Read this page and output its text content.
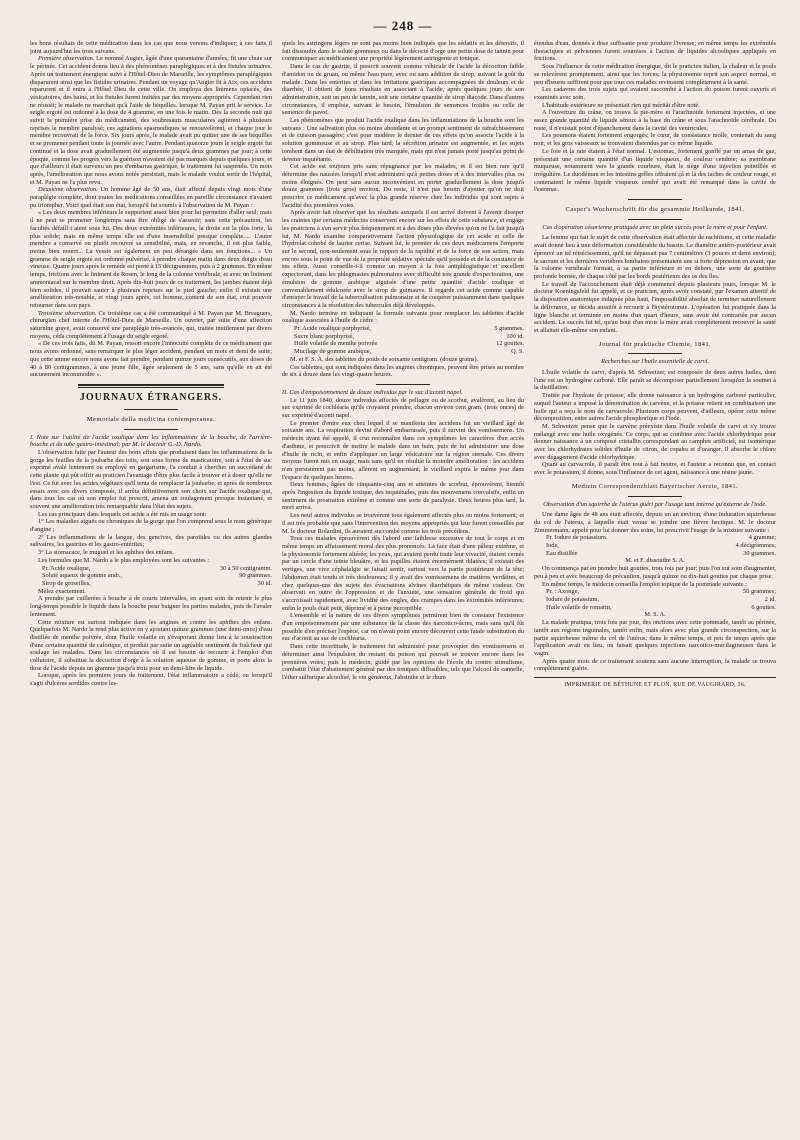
— 248 —

les bons résultats de cette médication dans les cas que nous venons d'indiquer; à ces faits il joint aujourd'hui les trois suivans.

Première observation. Le nommé Augier, âgée d'une quarantaine d'années, fit une chute sur le périnée. Cet accident donna lieu à des phénomènes paraplégiques et à des fistules urinaires. Après un traitement énergique suivi à l'Hôtel-Dieu de Marseille, les symptômes paraplégiques disparurent ainsi que les fistules urinaires. Pendant un voyage qu'Augier fit à Aix, ces accidens reparurent et il entra à l'Hôtel Dieu de cette ville. On employa des linimens opiacés, des vésicatoires, des bains, et les fistules furent traitées par des moyens appropriés. Cependant rien ne réussit; le malade ne marchait qu'à l'aide de béquilles. lorsque M. Payan prit le service. Le seigle ergoté est ordonné à la dose de 4 gramme, en une fois le matin. Dès la seconde nuit qui suivit la première prise du médicament, des soubresauts musculaires agitèrent à plusieurs reprises le membre paralysé; ces agitations spasmodiques se renouvelèrent, et chaque jour le membre recouvrait de la force. Six jours après, le malade avait pu quitter une de ses béquilles et se promener pendant toute la journée avec l'autre. Pendant quatorze jours le seigle ergoté fut continué et la dose avait graduellement été augmentée jusqu'à deux grammes par jour; à cette époque, comme les progrès vers la guérison n'avaient été pas marqués depuis quelques jours, et que d'ailleurs il était survenu un peu d'embarras gastrique, le traitement fut suspendu. Un mois après, l'amélioration que nous avons notée persistait, mais le malade voulut sortir de l'hôpital, et M. Payan ne l'a plus revu.

Deuxième observation. Un homme âgé de 50 ans, était affecté depuis vingt mois d'une paraplégie complète, dont toutes les médications conseillées en pareille circonstance n'avaient pu triompher. Voici quel était son état, lorsqu'il fut soumis à l'observation de M. Payan :

« Les deux membres inférieurs le supportent assez bien pour lui permettre d'aller seul; mais il ne peut se promener longtemps sans être obligé de s'asseoir; sans cette précaution, les facultés défaill·i aient sous lui. Des deux extrémités inférieures, la droite est la plus forte, la plus solide; mais en même temps elle est d'une insensibilité presque complète..... L'autre membre a conservé ou plutôt recouvré sa sensibilité, mais, en revanche, il est plus faible, moins bien nourri... La vessie est également un peu dérangée dans ses fonctions... » Un gramme de seigle ergoté est ordonné pulvérisé, à prendre chaque matin dans deux doigts d'eau vineuse. Quatre jours après le remède est porté à 15 décigrammes, puis à 2 grammes. En même temps, frictions avec le liniment de Rosen, le long de la colonne vertébrale, et avec un liniment ammoniacal sur le membre droit. Après dix-huit jours de ce traitement, les jambes étaient déjà bien solides, il pouvait sauter à plusieurs reprises sur le pied gauche; enfin il existait une amélioration très-notable, et vingt jours après, cet homme, content de son état, crut pouvoir retourner dans son pays.

Troisième observation. Ce troisième cas a été communiqué à M. Payan par M. Breaguers, chirurgien chef interne de l'Hôtel-Dieu de Marseille. Un ouvrier, par suite d'une affection saturnine grave, avait conservé une paraplégie très-avancée, qui, traitée inutilement par divers moyens, céda complètement à l'usage du seigle ergoté.

« De ces trois faits, dit M. Payan, ressort encore l'innocuité complète de ce médicament que nous avons ordonné, sans remarquer le plus léger accident, pendant un mois et demi de suite; que cette amme encore nous avons fait prendre, pendant quinze jours consécutifs, aux doses de 40 à 80 centigrammes, à une jeune fille, âgée seulement de 5 ans, sans qu'elle en ait été aucunement incommodée ».

JOURNAUX ÉTRANGERS.
Memoriale della medicina contemporanea.

I. Note sur l'utilité de l'acide oxalique dans les inflammations de la bouche, de l'arrière-bouche et du tube gastro-intestinal; par M. le docteur G.-D. Nardo.

L'observation faite par l'auteur des bons effets que produisent dans les inflammations de la gorge les feuilles de la joubarbe des toits, soit sous forme de masticatoire, soit à l'état de suc exprimé avalé lentement ou employé en gargarisme, l'a conduit à chercher un succédané de cette plante qui pût offrir au praticien l'avantage d'être plus facile à trouver et à doser qu'elle ne l'est. Ce fut avec les acides végétaux qu'il tenta de remplacer la joubarbe, et après de nombreux essais avec ces divers composés, il arrêta définitivement son choix sur l'acide oxalique qui, dans tous les cas où son emploi fut prescrit, amena un soulagement presque instantané, et souvent une amélioration très remarquable dans l'état des sujets.

Les cas principaux dans lesquels cet acide a été mis en usage sont:

1° Les maladies aiguës ou chroniques de la gorge que l'on comprend sous le nom générique d'angine ;

2° Les inflammations de la langue, des gencives, des parotides ou des autres glandes salivaires, les gastrites et les gastro-entérites;

3° La stomacace, le muguet et les aphthes des enfans.

Les formules que M. Nardo a le plus employées sont les suivantes :

Pr. Acide oxalique,	30 à 50 centigramm.
Soluté aqueux de gomme arab.,	90 grammes.
Sirop de groseilles,	30 id.

Mêlez exactement.

A prendre par cuillerées à bouche à de courts intervalles, en ayant soin de retenir le plus long-temps possible le liquide dans la bouche pour baigner les parties malades, puis de l'avaler lentement.

Cette mixture est surtout indiquée dans les angines et contre les aphthes des enfans. Quelquefois M. Nardo la rend plus active en y ajoutant quinze grammes (une demi-once) d'eau distillée de menthe poivrée, dont l'huile volatile en s'évaporant donne lieu à la soustraction d'une certaine quantité de calorique, et produit par suite un agréable sentiment de fraîcheur qui soulage les malades. Dans les circonstances où il est besoin de recourir à l'emploi d'un collutoire, il substitue la décoction d'orge à la solution aqueuse de gomme, et porte alors la dose de l'acide depuis un gramme jusqu'à trois pour un demi-litre de liquide.

Lorsque, après les premiers jours de traitement, l'état inflammatoire a cédé, ou lorsqu'il s'agit d'ulcères sordides contre les-

quels les astringens légers ne sont pas moins bien indiqués que les sédatifs et les détersifs, il fait dissoudre dans le soluté gommeux ou dans le décocté d'orge une petite dose de tannin pour communiquer au médicament une propriété légèrement astringente et tonique.

Dans le cas de gastrite, il prescrit souvent comme véhicule de l'acide la décoction faible d'amidon ou de gruau, ou même l'eau pure, avec ou sans addition de sirop, suivant le goût du malade. Dans les entérites et dans les irritations gastriques accompagnées de douleurs et de diarrhée, il obtient de bons résultats en associant à l'acide, après quelques jours de son administration, soit un peu de tannin, soit une certaine quantité de sirop diacode. Dans d'autres circonstances, il emploie, suivant le besoin, l'émulsion de semences froides ou celle de semence de pavot.

Les phénomènes que produit l'acide oxalique dans les inflammations de la bouche sont les suivans : Une salivation plus ou moins abondante et un prompt sentiment de rafraîchissement et de cuisson passagère; c'est pour modérer le dernier de ces effets qu'on associe l'acide à la solution gommeuse et au sirop. Plus tard, la sécrétion urinaire est augmentée, et les sujets tombent dans un état de débilitation très marquée, mais qui n'est jamais porté jusqu'au point de devenir inquiétante.

Cet acide est toujours pris sans répugnance par les malades, et il est bien rare qu'il détermine des nausées lorsqu'il n'est administré qu'à petites doses et à des intervalles plus ou moins éloignés. On peut sans aucun inconvénient en porter graduellement la dose jusqu'à douze grammes (trois gros) environ. Du reste, il n'est pas besoin d'ajouter qu'on ne doit prescrire ce médicament qu'avec la plus grande réserve chez les individus qui sont sujets à l'acidité des premières voies.

Après avoir fait observer que les résultats auxquels il est arrivé doivent à l'avenir dissiper les craintes que certains médecins conservent encore sur les effets de cette substance, et engage les praticiens à s'en servir plus fréquemment et à des doses plus élevées qu'on ne l'a fait jusqu'à lui, M. Nardo examine comparativement l'action physiologique de cet acide et celle de l'hydrolat cohobé de laurier cerise. Suivant lui, le premier de ces deux médicamens l'emporte sur le second, non-seulement sous le rapport de la rapidité et de la force de son action, mais encore sous le point de vue de la propriété sédative spéciale qu'il possède et de la constance de ses effets. Aussi conseille-t-il comme un moyen à la fois antiphlogistique et excellent expectorant, dans les phlegmasies pulmonaires avec difficulté très grande d'expectoration, une émulsion de gomme arabique aiguisée d'une petite quantité d'acide oxalique et convenablement édulcorée avec le sirop de guimauve. Il regarde cet acide comme capable d'enrayer le travail de la tuberculisation pulmonaire et de coopérer puissamment dans quelques circonstances à la résolution des tubercules déjà développés.

M. Nardo termine en indiquant la formule suivante pour remplacer les tablettes d'acide oxalique associées à l'huile de cèdre :

Pr. Acide oxalique porphyrisé,	5 grammes.
Sucre blanc porphyrisé,	100 id.
Huile volatile de menthe poivrée	12 gouttes.
Mucilage de gomme arabique,	Q. S.

M. et F. S. A. des tablettes du poids de soixante centigram. (douze grains).

Ces tablettes, qui sont indiquées dans les angines chroniques, peuvent être prises au nombre de six à douze dans les vingt-quatre heures.

II. Cas d'empoisonnement de douze individus par le suc d'aconit napel.

Le 11 juin 1840, douze individus affectés de pellagre ou de scorbut, avalèrent, au lieu du suc exprimé de cochléaria qu'ils croyaient prendre, chacun environ cent gram. (trois onces) de suc exprimé d'aconit napel.

Le premier d'entre eux chez lequel il se manifesta des accidens fut un vieillard âgé de soixante ans. La respiration devint d'abord embarrassée, puis il survint des vomissemens. Un médecin ayant été appelé, il crut reconnaître dans ces symptômes les caractères d'un accès d'asthme, et prescrivit de mettre le malade dans un bain, puis de lui administrer une dose d'huile de ricin, et enfin d'appliquer un large vésicatoire sur la région sternale. Ces divers moyens furent mis en usage, mais sans qu'il en résultât la moindre amélioration : les accidens n'en persistèrent pas moins, allèrent en augmentant; le vieillard expira le même jour dans l'espace de quelques heures.

Deux femmes, âgées de cinquante-cinq ans et atteintes de scorbut, éprouvèrent, bientôt après l'ingestion du liquide toxique, des inquiétudes, puis des mouvemens convulsifs, enfin un sentiment de prostration extrême et comme une sorte de paralysie. Deux heures plus tard, la mort arriva.

Les neuf autres individus se trouvèrent tous également affectés plus ou moins fortement; et il est très probable que sans l'intervention des moyens appropriés qui leur furent conseillés par M. le docteur Rolardini, ils auraient succombé comme les trois précédens.

Tous ces malades éprouvèrent dès l'abord une faiblesse excessive de tout le corps et en même temps un affaissement moral des plus prononcés. La face était d'une pâleur extrême, et la physionomie fortement altérée; les yeux, qui avaient perdu toute leur vivacité, étaient cernés par un cercle d'une teinte bleuâtre, et les pupilles étaient énormément dilatées; il existait des vertiges, une vive céphalalgie se faisait sentir, surtout vers la partie postérieure de la tête; l'abdomen était tendu et très douloureux; il y avait des vomissemens de matières verdâtres, et chez quelques-uns des sujets des évacuations alvines diarrhéiques de même couleur. On observait en outre de l'oppression et de l'anxiété, une sensation générale de froid qui s'accroissait rapidement, avec lividité des ongles, des crampes dans les extrémités inférieures; enfin le pouls était petit, déprimé et à peine perceptible.

L'ensemble et la nature de ces divers symptômes permirent bien de constater l'existence d'un empoisonnement par une substance de la classe des narcotico-âcres, mais sans qu'il fût possible d'en préciser l'espèce, car on n'avait point encore découvert cette fatale substitution du suc d'aconit au suc de cochléaria.

Dans cette incertitude, le traitement fut administré pour provoquer des vomissemens et déterminer ainsi l'expulsion du restant du poison qui pouvait se trouver encore dans les premières voies; puis le médecin, guidé par les opinions de l'école du contro stimulisme, combattit l'état d'abattement général par des toniques diffusibles, tels que l'alcool de cannelle, l'éther sulfurique alcoolisé, le vin généreux, l'absinthe et le rhum

étendus d'eau, donnés à dose suffisante pour produire l'ivresse; en même temps les extrémités thoraciques et pelviennes furent soumises à l'action de liquides alcooliques appliqués en frictions.

Sous l'influence de cette médication énergique, dit le praticien italien, la chaleur et le pouls se relevèrent promptement, ainsi que les forces; la physionomie reprit son aspect normal, et peu d'heures suffirent pour que tous ces malades revinssent complètement à la santé.

Les cadavres des trois sujets qui avaient succombé à l'action du poison furent ouverts et examinés avec soin.

L'habitude extérieure ne présentait rien qui méritât d'être noté.

A l'ouverture du crâne, on trouva la pie-mère et l'arachnoïde fortement injectées, et une assez grande quantité de liquide séreux à la base du crâne et sous l'arachnoïde cérébrale. Du reste, il n'existait point d'épanchement dans la cavité des ventricules.

Les poumons étaient fortement engorgés; le cœur, de consistance molle, contenait du sang noir, et les gros vaisseaux se trouvaient distendus par ce même liquide.

Le foie et la rate étaient à l'état normal. L'estomac, fortement gonflé par un amas de gaz, présentait une certaine quantité d'un liquide visqueux, de couleur cendrée; sa membrane muqueuse, notamment vers la grande courbure, était le siège d'une injection pointillée et irrégulière. Le duodénum et les intestins grêles offraient çà et là des taches de couleur rouge, et contenaient le même liquide visqueux cendré qui avait été remarqué dans la cavité de l'estomac.

Casper's Wochenschrift für die gesammte Heilkunde, 1841.
Cas d'opération césarienne pratiquée avec un plein succès pour la mère et pour l'enfant.

La femme qui fait le sujet de cette observation était affectée de rachitisme, et cette maladie avait donné lieu à une déformation considérable du bassin. Le diamètre antéro-postérieur avait éprouvé un tel rétrécissement, qu'il ne dépassait pas 7 centimètres (3 pouces et demi environ); le sacrum et les dernières vertèbres lombaires présentaient une si forte dépression en avant, que la colonne vertébrale formait, à sa partie inférieure et en dehors, une sorte de gouttière profonde bornée, de chaque côté par les bords postérieurs des os des îles.

Le travail de l'accouchement était déjà commencé depuis plusieurs jours, lorsque M. le docteur Koeningsfeld fut appelé, et ce praticien, après avoir constaté, par l'examen attentif de la disposition anatomique indiquée plus haut, l'impossibilité absolue de terminer naturellement la délivrance, se décida aussitôt à recourir à l'hystérotomie. L'opération fut pratiquée dans la ligne blanche et terminée en moins d'un quart d'heure, sans avoir été contrariée par aucun accident. Le succès fut tel, qu'au bout d'un mois la mère avait complètement recouvré la santé et allaitait elle-même son enfant.

Journal für praktische Chemie, 1841.
Recherches sur l'huile essentielle de carvi.

L'huile volatile de carvi, d'après M. Schweizer, est composée de deux autres huiles, dont l'une est un hydrogène carboné. Elle paraît se décomposer partiellement lorsqu'on la soumet à la distillation.

Traitée par l'hydrate de potasse, elle donne naissance à un hydrogène carboné particulier, auquel l'auteur a imposé la dénomination de carvène, et la potasse retient en combinaison une huile qui a reçu le nom de carvacrole. Plusieurs corps peuvent, d'ailleurs, opérer cette même décomposition, entre autres l'acide phosphorique et l'iode.

M. Schweizer pense que le carvène préexiste dans l'huile volatile de carvi et s'y trouve mélangé avec une huile oxygénée. Ce corps, qui se combine avec l'acide chlorhydrique pour donner naissance à un composé cristallin correspondant au camphre artificiel, est isomérique avec les chlorhydrates solides d'huile de citron, de copahu et d'oranger. Il absorbe le chlore avec dégagement d'acide chlorhydrique.

Quant au carvacrole, il paraît être tout à fait neutre, et l'auteur a reconnu que, en contact avec le potassium, il donne, sous l'influence de cet agent, naissance à une résine jaune.

Medizin Correspondenzblatt Bayerischer Aerzte, 1841.
Observation d'un squirrhe de l'utérus guéri par l'usage tant interne qu'externe de l'iode.

Une dame âgée de 48 ans était affectée, depuis un an environ, d'une induration squirrheuse du col de l'utérus, à laquelle était venue se joindre une fièvre hectique. M. le docteur Zimmermann, appelé pour lui donner des soins, lui prescrivit l'usage de la mixture suivante :

Pr. Iodure de potassium.	4 gramme;
Iode,	4 décigrammes;
Eau distillée	30 grammes.

M. et F. dissoudre S. A.

On commença par en prendre huit gouttes, trois fois par jour; puis l'on eut soin d'augmenter, peu à peu et avec beaucoup de précaution, jusqu'à quinze ou dix-huit gouttes par chaque prise.

En même temps, le médecin conseilla l'emploi topique de la pommade suivante :

Pr. : Axonge,	50 grammes;
Iodure de potassium,	2 id.
Huile volatile de romarin,	6 gouttes.

M. S. A.

La malade pratiqua, trois fois par jour, des onctions avec cette pommade, tantôt au périnée, tantôt aux régions inguinales, tantôt enfin, mais alors avec plus grande circonspection, sur la partie squirrheuse même du col de l'utérus; dans le même temps, et peu de temps après que l'application avait eu lieu, on faisait quelques injections narcotico-mucilagineuses dans le vagin.

Après quatre mois de ce traitement soutenu sans aucune interruption, la malade se trouva complètement guérie.

IMPRIMERIE DE BÉTHUNE ET PLON, RUE DE VAUGIRARD, 36.
